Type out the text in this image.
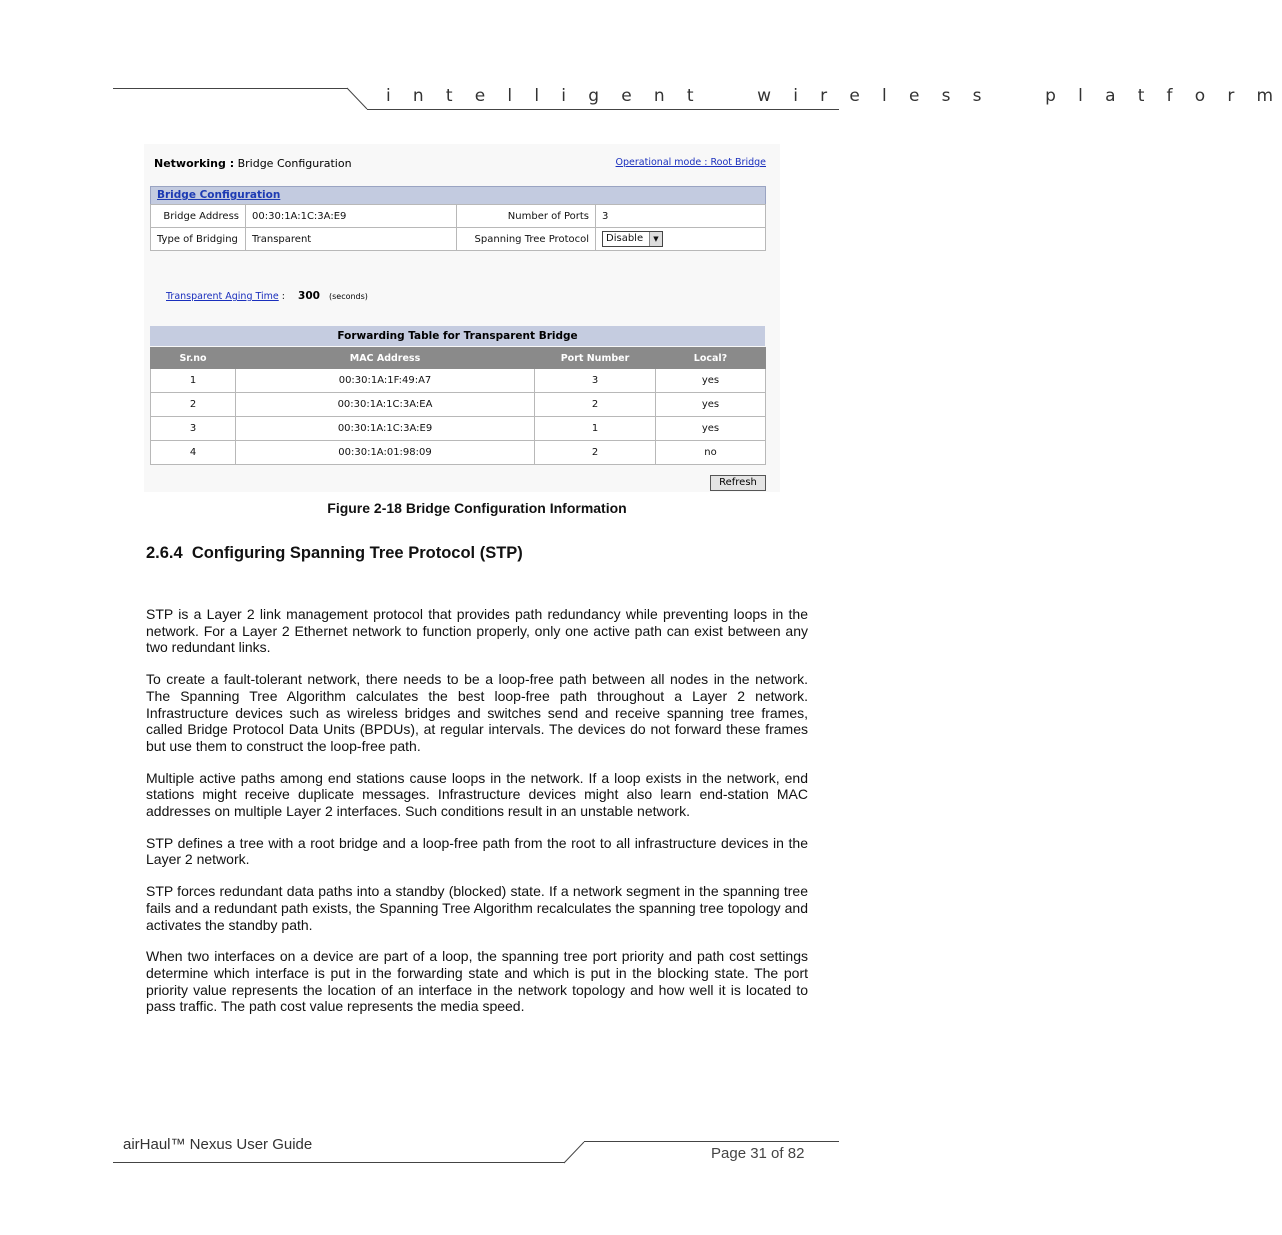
i n t e l l i g e n t    w i r e l e s s    p l a t f o r m
Networking : Bridge Configuration	Operational mode : Root Bridge
Bridge Configuration
Bridge Address	00:30:1A:1C:3A:E9	Number of Ports	3
Type of Bridging	Transparent	Spanning Tree Protocol	Disable ▼
Transparent Aging Time : 300 (seconds)
Forwarding Table for Transparent Bridge
Sr.no	MAC Address	Port Number	Local?
1	00:30:1A:1F:49:A7	3	yes
2	00:30:1A:1C:3A:EA	2	yes
3	00:30:1A:1C:3A:E9	1	yes
4	00:30:1A:01:98:09	2	no
Refresh
Figure 2-18 Bridge Configuration Information
2.6.4  Configuring Spanning Tree Protocol (STP)

STP is a Layer 2 link management protocol that provides path redundancy while preventing loops in the network. For a Layer 2 Ethernet network to function properly, only one active path can exist between any two redundant links.

To create a fault-tolerant network, there needs to be a loop-free path between all nodes in the network. The Spanning Tree Algorithm calculates the best loop-free path throughout a Layer 2 network. Infrastructure devices such as wireless bridges and switches send and receive spanning tree frames, called Bridge Protocol Data Units (BPDUs), at regular intervals. The devices do not forward these frames but use them to construct the loop-free path.

Multiple active paths among end stations cause loops in the network. If a loop exists in the network, end stations might receive duplicate messages. Infrastructure devices might also learn end-station MAC addresses on multiple Layer 2 interfaces. Such conditions result in an unstable network.

STP defines a tree with a root bridge and a loop-free path from the root to all infrastructure devices in the Layer 2 network.

STP forces redundant data paths into a standby (blocked) state. If a network segment in the spanning tree fails and a redundant path exists, the Spanning Tree Algorithm recalculates the spanning tree topology and activates the standby path.

When two interfaces on a device are part of a loop, the spanning tree port priority and path cost settings determine which interface is put in the forwarding state and which is put in the blocking state. The port priority value represents the location of an interface in the network topology and how well it is located to pass traffic. The path cost value represents the media speed.

airHaul™ Nexus User Guide
Page 31 of 82
